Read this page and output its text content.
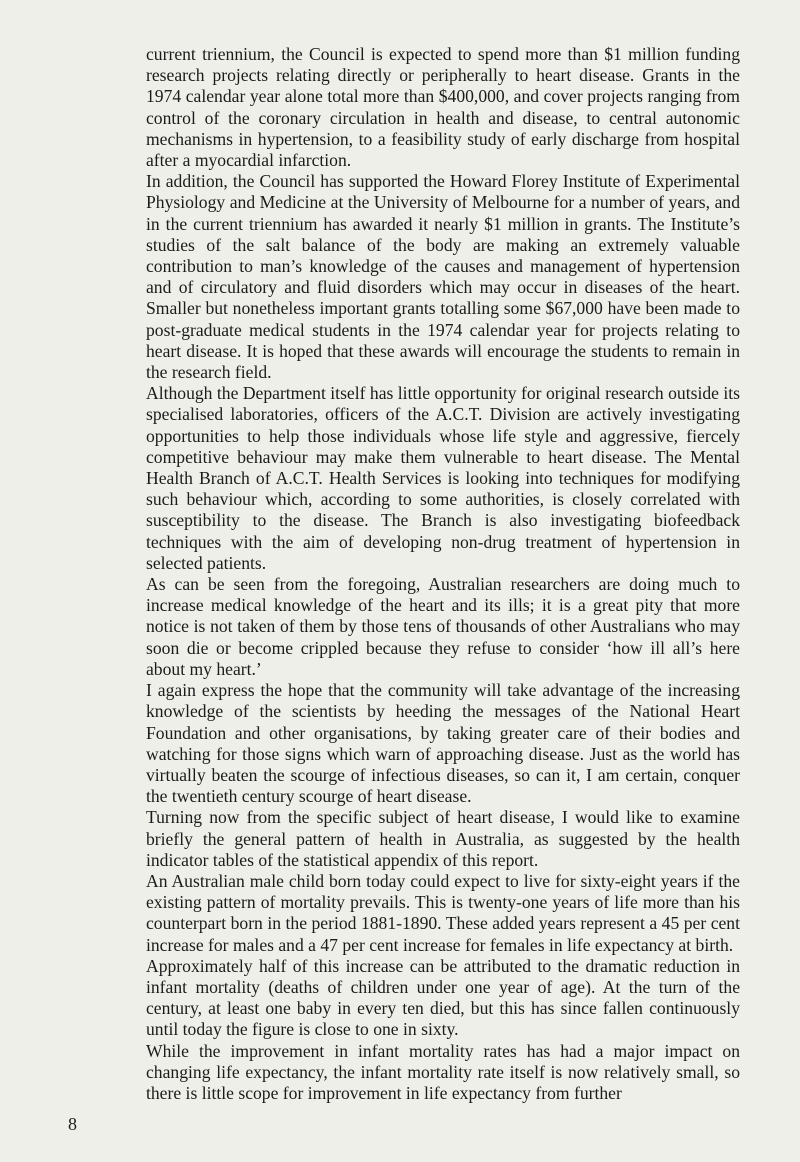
current triennium, the Council is expected to spend more than $1 million funding research projects relating directly or peripherally to heart disease. Grants in the 1974 calendar year alone total more than $400,000, and cover projects ranging from control of the coronary circulation in health and disease, to central autonomic mechanisms in hypertension, to a feasibility study of early discharge from hospital after a myocardial infarction.

In addition, the Council has supported the Howard Florey Institute of Experimental Physiology and Medicine at the University of Melbourne for a number of years, and in the current triennium has awarded it nearly $1 million in grants. The Institute’s studies of the salt balance of the body are making an extremely valuable contribution to man’s knowledge of the causes and management of hypertension and of circulatory and fluid disorders which may occur in diseases of the heart. Smaller but nonetheless important grants totalling some $67,000 have been made to post-graduate medical students in the 1974 calendar year for projects relating to heart disease. It is hoped that these awards will encourage the students to remain in the research field.

Although the Department itself has little opportunity for original research outside its specialised laboratories, officers of the A.C.T. Division are actively investigating opportunities to help those individuals whose life style and aggressive, fiercely competitive behaviour may make them vulnerable to heart disease. The Mental Health Branch of A.C.T. Health Services is looking into techniques for modifying such behaviour which, according to some authorities, is closely correlated with susceptibility to the disease. The Branch is also investigating biofeedback techniques with the aim of developing non-drug treatment of hypertension in selected patients.

As can be seen from the foregoing, Australian researchers are doing much to increase medical knowledge of the heart and its ills; it is a great pity that more notice is not taken of them by those tens of thousands of other Australians who may soon die or become crippled because they refuse to consider ‘how ill all’s here about my heart.’

I again express the hope that the community will take advantage of the increasing knowledge of the scientists by heeding the messages of the National Heart Foundation and other organisations, by taking greater care of their bodies and watching for those signs which warn of approaching disease. Just as the world has virtually beaten the scourge of infectious diseases, so can it, I am certain, conquer the twentieth century scourge of heart disease.

Turning now from the specific subject of heart disease, I would like to examine briefly the general pattern of health in Australia, as suggested by the health indicator tables of the statistical appendix of this report.

An Australian male child born today could expect to live for sixty-eight years if the existing pattern of mortality prevails. This is twenty-one years of life more than his counterpart born in the period 1881-1890. These added years represent a 45 per cent increase for males and a 47 per cent increase for females in life expectancy at birth.

Approximately half of this increase can be attributed to the dramatic reduction in infant mortality (deaths of children under one year of age). At the turn of the century, at least one baby in every ten died, but this has since fallen continuously until today the figure is close to one in sixty.

While the improvement in infant mortality rates has had a major impact on changing life expectancy, the infant mortality rate itself is now relatively small, so there is little scope for improvement in life expectancy from further

8
